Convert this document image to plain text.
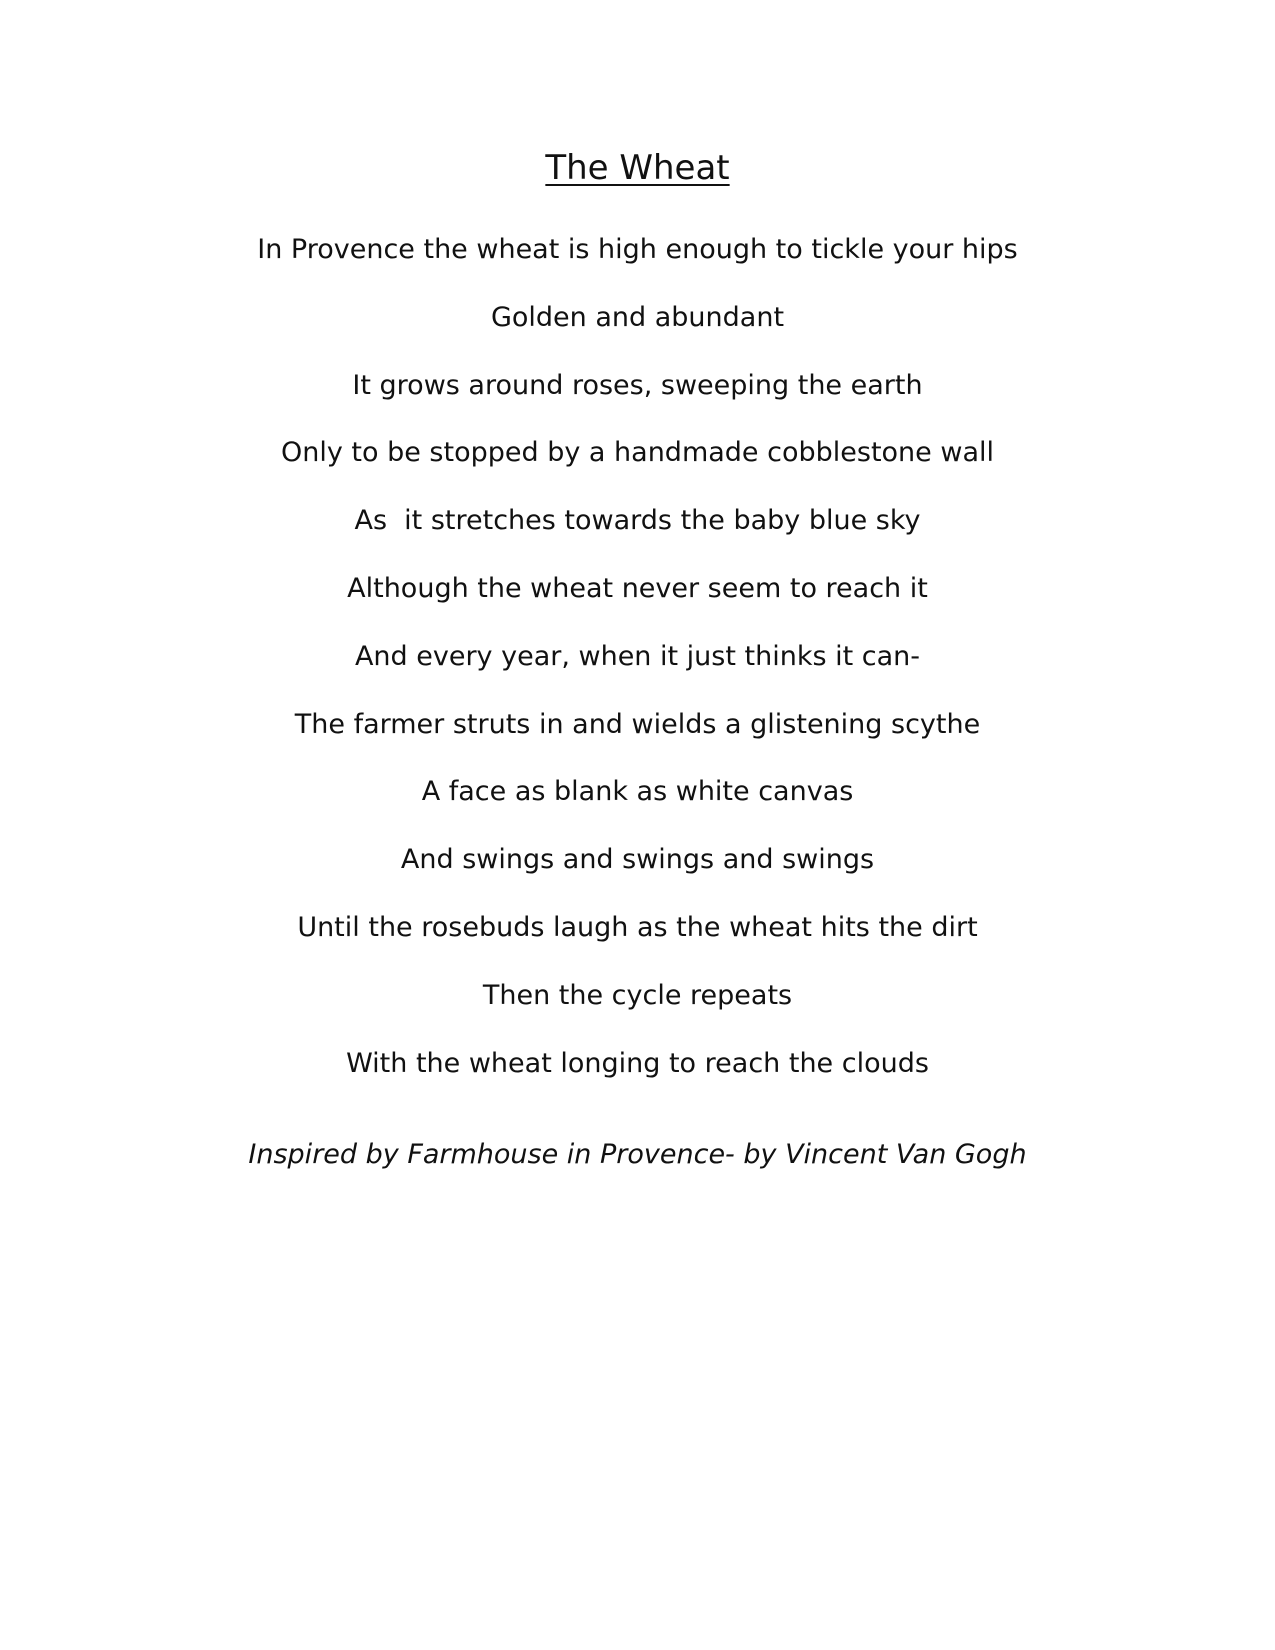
The Wheat
In Provence the wheat is high enough to tickle your hips
Golden and abundant
It grows around roses, sweeping the earth
Only to be stopped by a handmade cobblestone wall
As  it stretches towards the baby blue sky
Although the wheat never seem to reach it
And every year, when it just thinks it can-
The farmer struts in and wields a glistening scythe
A face as blank as white canvas
And swings and swings and swings
Until the rosebuds laugh as the wheat hits the dirt
Then the cycle repeats
With the wheat longing to reach the clouds
Inspired by Farmhouse in Provence- by Vincent Van Gogh
